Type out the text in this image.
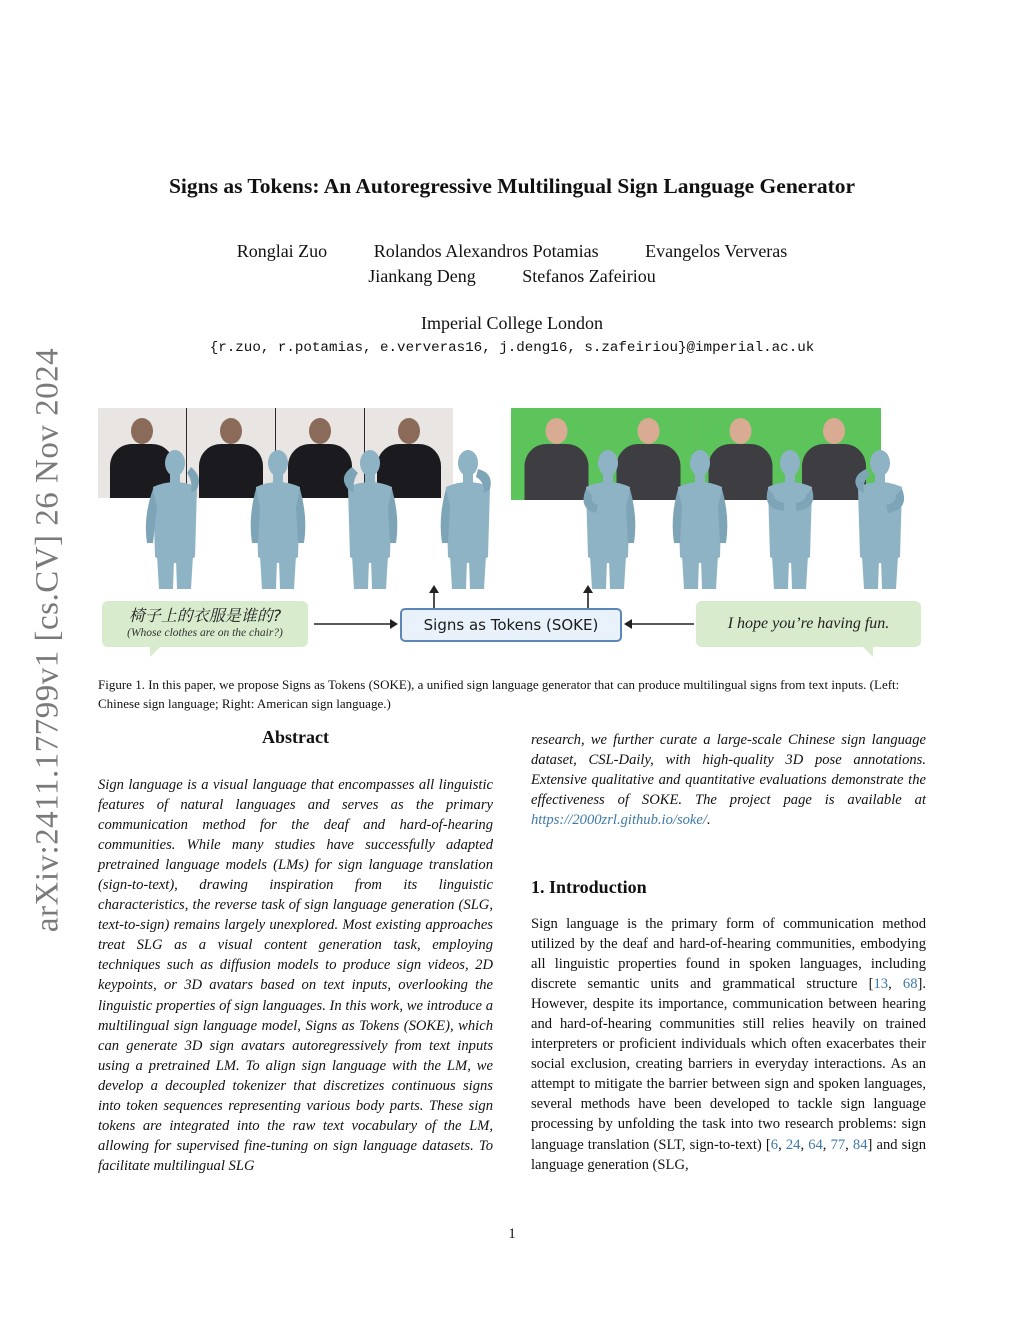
arXiv:2411.17799v1 [cs.CV] 26 Nov 2024
Signs as Tokens: An Autoregressive Multilingual Sign Language Generator
Ronglai Zuo	Rolandos Alexandros Potamias	Evangelos Ververas
Jiankang Deng	Stefanos Zafeiriou
Imperial College London
{r.zuo, r.potamias, e.ververas16, j.deng16, s.zafeiriou}@imperial.ac.uk
椅子上的衣服是谁的?
(Whose clothes are on the chair?)	Signs as Tokens (SOKE)	I hope you’re having fun.
Figure 1. In this paper, we propose Signs as Tokens (SOKE), a unified sign language generator that can produce multilingual signs from text inputs. (Left: Chinese sign language; Right: American sign language.)
Abstract
Sign language is a visual language that encompasses all linguistic features of natural languages and serves as the primary communication method for the deaf and hard-of-hearing communities. While many studies have successfully adapted pretrained language models (LMs) for sign language translation (sign-to-text), drawing inspiration from its linguistic characteristics, the reverse task of sign language generation (SLG, text-to-sign) remains largely unexplored. Most existing approaches treat SLG as a visual content generation task, employing techniques such as diffusion models to produce sign videos, 2D keypoints, or 3D avatars based on text inputs, overlooking the linguistic properties of sign languages. In this work, we introduce a multilingual sign language model, Signs as Tokens (SOKE), which can generate 3D sign avatars autoregressively from text inputs using a pretrained LM. To align sign language with the LM, we develop a decoupled tokenizer that discretizes continuous signs into token sequences representing various body parts. These sign tokens are integrated into the raw text vocabulary of the LM, allowing for supervised fine-tuning on sign language datasets. To facilitate multilingual SLG
research, we further curate a large-scale Chinese sign language dataset, CSL-Daily, with high-quality 3D pose annotations. Extensive qualitative and quantitative evaluations demonstrate the effectiveness of SOKE. The project page is available at https://2000zrl.github.io/soke/.
1. Introduction
Sign language is the primary form of communication method utilized by the deaf and hard-of-hearing communities, embodying all linguistic properties found in spoken languages, including discrete semantic units and grammatical structure [13, 68]. However, despite its importance, communication between hearing and hard-of-hearing communities still relies heavily on trained interpreters or proficient individuals which often exacerbates their social exclusion, creating barriers in everyday interactions. As an attempt to mitigate the barrier between sign and spoken languages, several methods have been developed to tackle sign language processing by unfolding the task into two research problems: sign language translation (SLT, sign-to-text) [6, 24, 64, 77, 84] and sign language generation (SLG,
1
